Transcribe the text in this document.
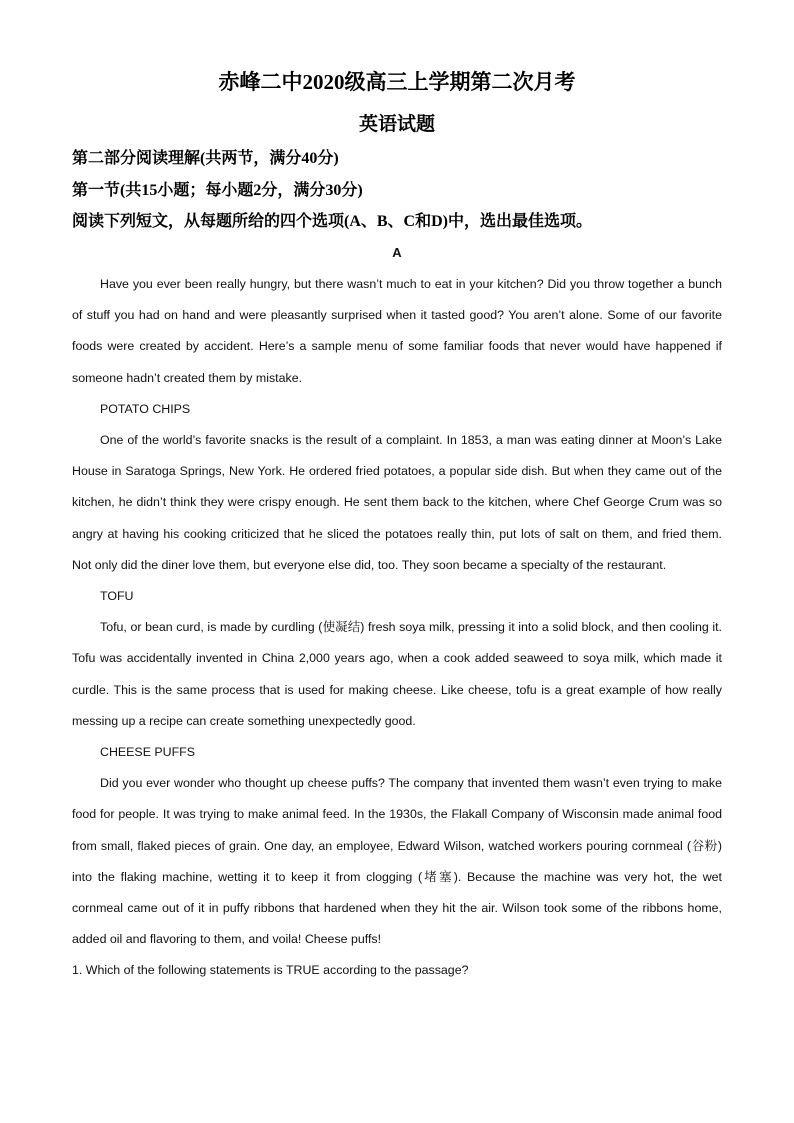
赤峰二中2020级高三上学期第二次月考
英语试题
第二部分阅读理解(共两节，满分40分)
第一节(共15小题；每小题2分，满分30分)
阅读下列短文，从每题所给的四个选项(A、B、C和D)中，选出最佳选项。
A

Have you ever been really hungry, but there wasn’t much to eat in your kitchen? Did you throw together a bunch of stuff you had on hand and were pleasantly surprised when it tasted good? You aren’t alone. Some of our favorite foods were created by accident. Here’s a sample menu of some familiar foods that never would have happened if someone hadn’t created them by mistake.

POTATO CHIPS

One of the world’s favorite snacks is the result of a complaint. In 1853, a man was eating dinner at Moon’s Lake House in Saratoga Springs, New York. He ordered fried potatoes, a popular side dish. But when they came out of the kitchen, he didn’t think they were crispy enough. He sent them back to the kitchen, where Chef George Crum was so angry at having his cooking criticized that he sliced the potatoes really thin, put lots of salt on them, and fried them. Not only did the diner love them, but everyone else did, too. They soon became a specialty of the restaurant.

TOFU

Tofu, or bean curd, is made by curdling (使凝结) fresh soya milk, pressing it into a solid block, and then cooling it. Tofu was accidentally invented in China 2,000 years ago, when a cook added seaweed to soya milk, which made it curdle. This is the same process that is used for making cheese. Like cheese, tofu is a great example of how really messing up a recipe can create something unexpectedly good.

CHEESE PUFFS

Did you ever wonder who thought up cheese puffs? The company that invented them wasn’t even trying to make food for people. It was trying to make animal feed. In the 1930s, the Flakall Company of Wisconsin made animal food from small, flaked pieces of grain. One day, an employee, Edward Wilson, watched workers pouring cornmeal (谷粉) into the flaking machine, wetting it to keep it from clogging (堵塞). Because the machine was very hot, the wet cornmeal came out of it in puffy ribbons that hardened when they hit the air. Wilson took some of the ribbons home, added oil and flavoring to them, and voila! Cheese puffs!

1. Which of the following statements is TRUE according to the passage?
